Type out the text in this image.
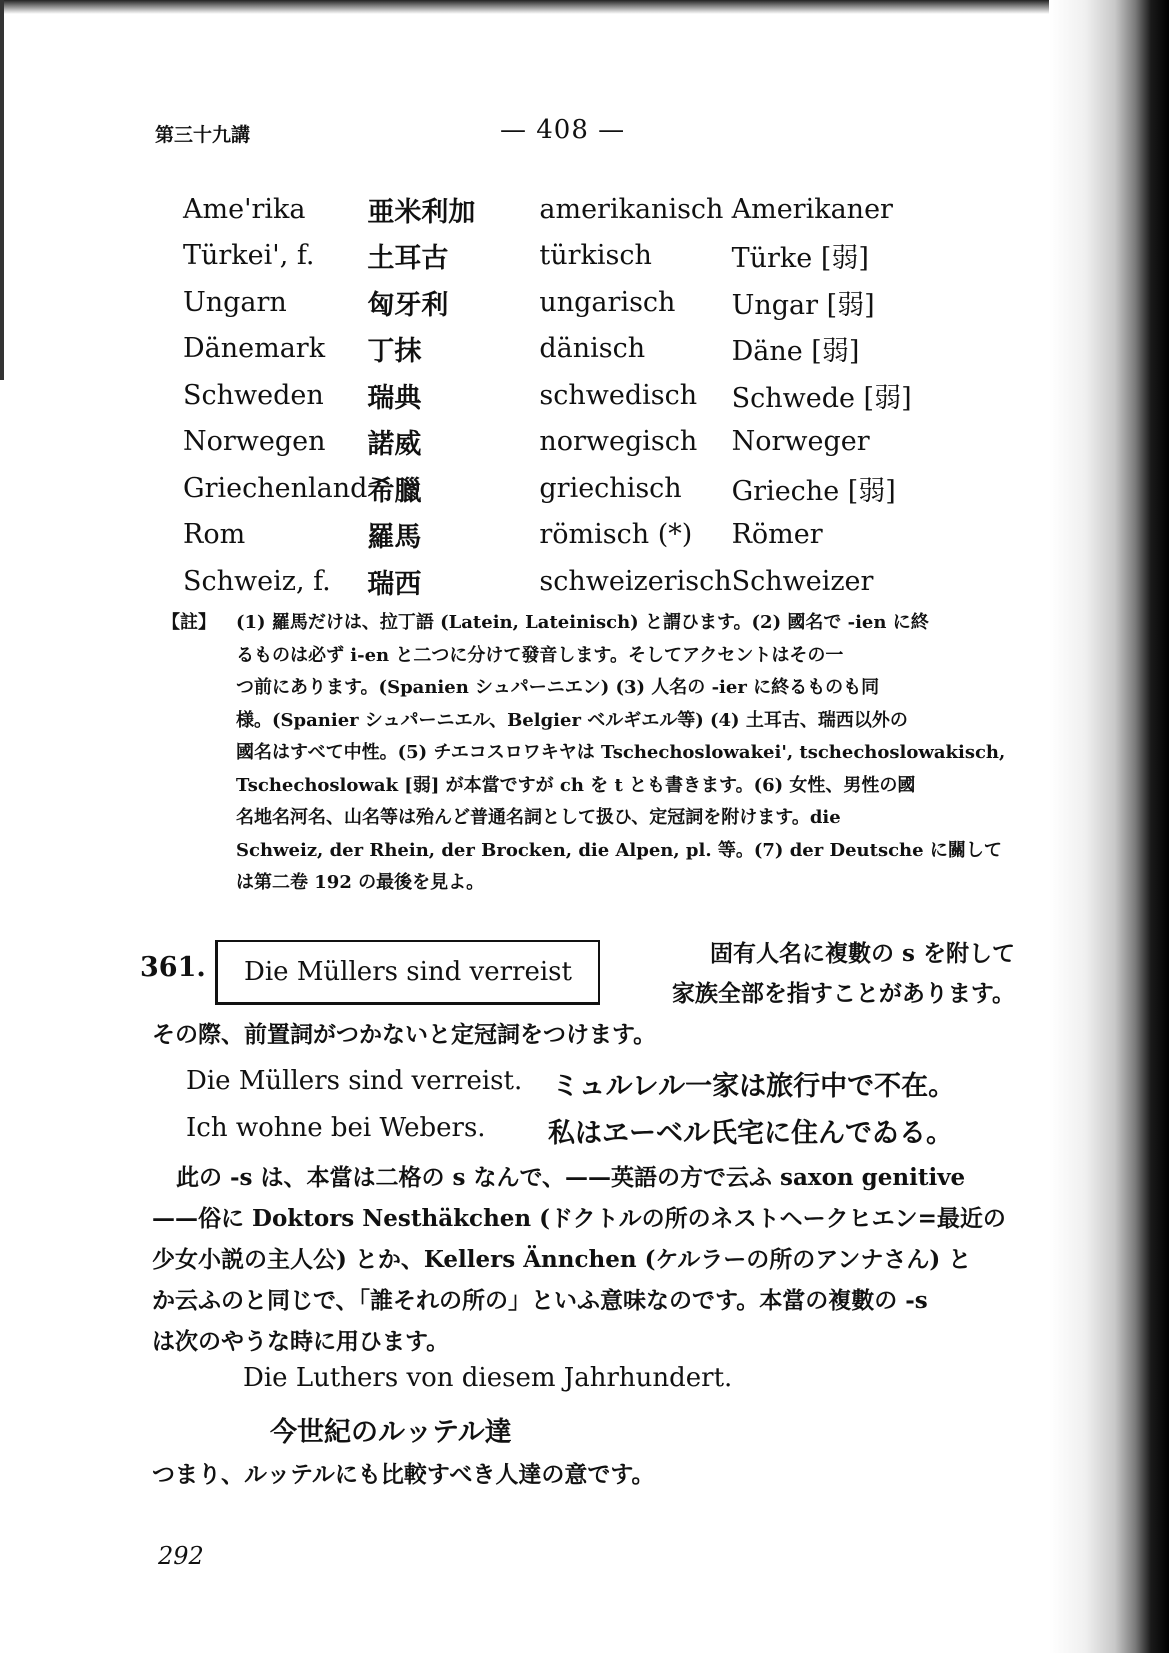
第三十九講	— 408 —
Ame'rika	亜米利加	amerikanisch	Amerikaner
Türkei', f.	土耳古	türkisch	Türke [弱]
Ungarn	匈牙利	ungarisch	Ungar [弱]
Dänemark	丁抹	dänisch	Däne [弱]
Schweden	瑞典	schwedisch	Schwede [弱]
Norwegen	諾威	norwegisch	Norweger
Griechenland	希臘	griechisch	Grieche [弱]
Rom	羅馬	römisch (*)	Römer
Schweiz, f.	瑞西	schweizerisch	Schweizer
【註】	(1) 羅馬だけは、拉丁語 (Latein, Lateinisch) と謂ひます。(2) 國名で -ien に終
るものは必ず i-en と二つに分けて發音します。そしてアクセントはその一
つ前にあります。(Spanien シュパーニエン) (3) 人名の -ier に終るものも同
様。(Spanier シュパーニエル、Belgier ベルギエル等) (4) 土耳古、瑞西以外の
國名はすべて中性。(5) チエコスロワキヤは Tschechoslowakei', tschechoslowakisch,
Tschechoslowak [弱] が本當ですが ch を t とも書きます。(6) 女性、男性の國
名地名河名、山名等は殆んど普通名詞として扱ひ、定冠詞を附けます。die
Schweiz, der Rhein, der Brocken, die Alpen, pl. 等。(7) der Deutsche に關して
は第二卷 192 の最後を見よ。
361.	Die Müllers sind verreist
固有人名に複數の s を附して
家族全部を指すことがあります。
その際、前置詞がつかないと定冠詞をつけます。
Die Müllers sind verreist. ミュルレル一家は旅行中で不在。
Ich wohne bei Webers. 私はヱーベル氏宅に住んでゐる。
此の -s は、本當は二格の s なんで、——英語の方で云ふ saxon genitive
——俗に Doktors Nesthäkchen (ドクトルの所のネストヘークヒエン=最近の
少女小説の主人公) とか、Kellers Ännchen (ケルラーの所のアンナさん) と
か云ふのと同じで、「誰それの所の」といふ意味なのです。本當の複數の -s
は次のやうな時に用ひます。
Die Luthers von diesem Jahrhundert.
今世紀のルッテル達
つまり、ルッテルにも比較すべき人達の意です。
292
